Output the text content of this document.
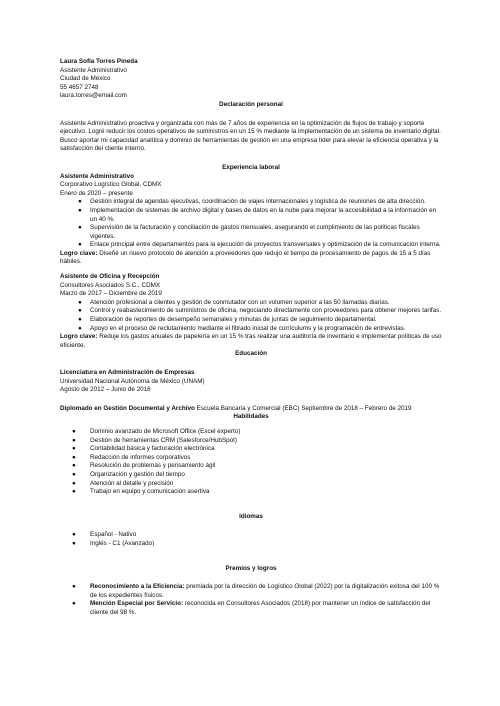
Laura Sofía Torres Pineda
Asistente Administrativo
Ciudad de México
55 4657 2748
laura.torres@email.com
Declaración personal

Asistente Administrativo proactiva y organizada con más de 7 años de experiencia en la optimización de flujos de trabajo y soporte ejecutivo. Logré reducir los costos operativos de suministros en un 15 % mediante la implementación de un sistema de inventario digital. Busco aportar mi capacidad analítica y dominio de herramientas de gestión en una empresa líder para elevar la eficiencia operativa y la satisfacción del cliente interno.

Experiencia laboral
Asistente Administrativo
Corporativo Logístico Global, CDMX
Enero de 2020 – presente
● Gestión integral de agendas ejecutivas, coordinación de viajes internacionales y logística de reuniones de alta dirección.
● Implementación de sistemas de archivo digital y bases de datos en la nube para mejorar la accesibilidad a la información en un 40 %.
● Supervisión de la facturación y conciliación de gastos mensuales, asegurando el cumplimiento de las políticas fiscales vigentes.
● Enlace principal entre departamentos para la ejecución de proyectos transversales y optimización de la comunicación interna.

Logro clave: Diseñé un nuevo protocolo de atención a proveedores que redujo el tiempo de procesamiento de pagos de 15 a 5 días hábiles.

Asistente de Oficina y Recepción
Consultores Asociados S.C., CDMX
Marzo de 2017 – Diciembre de 2019
● Atención profesional a clientes y gestión de conmutador con un volumen superior a las 50 llamadas diarias.
● Control y reabastecimiento de suministros de oficina, negociando directamente con proveedores para obtener mejores tarifas.
● Elaboración de reportes de desempeño semanales y minutas de juntas de seguimiento departamental.
● Apoyo en el proceso de reclutamiento mediante el filtrado inicial de currículums y la programación de entrevistas.

Logro clave: Reduje los gastos anuales de papelería en un 15 % tras realizar una auditoría de inventario e implementar políticas de uso eficiente.

Educación
Licenciatura en Administración de Empresas
Universidad Nacional Autónoma de México (UNAM)
Agosto de 2012 – Junio de 2016

Diplomado en Gestión Documental y Archivo Escuela Bancaria y Comercial (EBC) Septiembre de 2018 – Febrero de 2019

Habilidades
● Dominio avanzado de Microsoft Office (Excel experto)
● Gestión de herramientas CRM (Salesforce/HubSpot)
● Contabilidad básica y facturación electrónica
● Redacción de informes corporativos
● Resolución de problemas y pensamiento ágil
● Organización y gestión del tiempo
● Atención al detalle y precisión
● Trabajo en equipo y comunicación asertiva
Idiomas
● Español - Nativo
● Inglés - C1 (Avanzado)
Premios y logros
● Reconocimiento a la Eficiencia: premiada por la dirección de Logístico Global (2022) por la digitalización exitosa del 100 % de los expedientes físicos.
● Mención Especial por Servicio: reconocida en Consultores Asociados (2018) por mantener un índice de satisfacción del cliente del 98 %.
